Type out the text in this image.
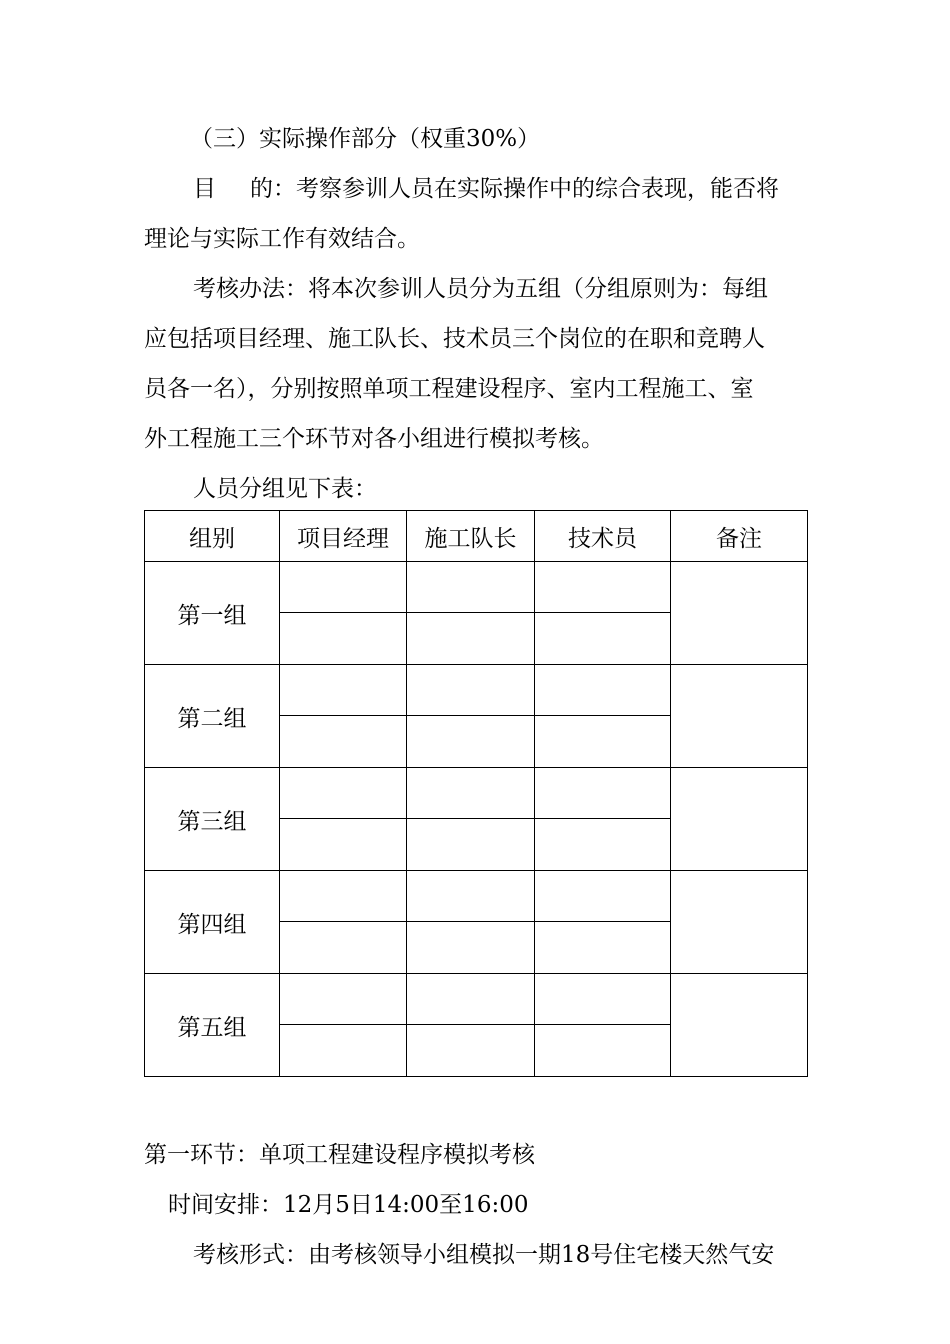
（三）实际操作部分（权重30%）
目 的：考察参训人员在实际操作中的综合表现，能否将
理论与实际工作有效结合。
考核办法：将本次参训人员分为五组（分组原则为：每组
应包括项目经理、施工队长、技术员三个岗位的在职和竞聘人
员各一名），分别按照单项工程建设程序、室内工程施工、室
外工程施工三个环节对各小组进行模拟考核。
人员分组见下表：
组别	项目经理	施工队长	技术员	备注
第一组				

第二组				

第三组				

第四组				

第五组				

第一环节：单项工程建设程序模拟考核
时间安排：12月5日14:00至16:00
考核形式：由考核领导小组模拟一期18号住宅楼天然气安
